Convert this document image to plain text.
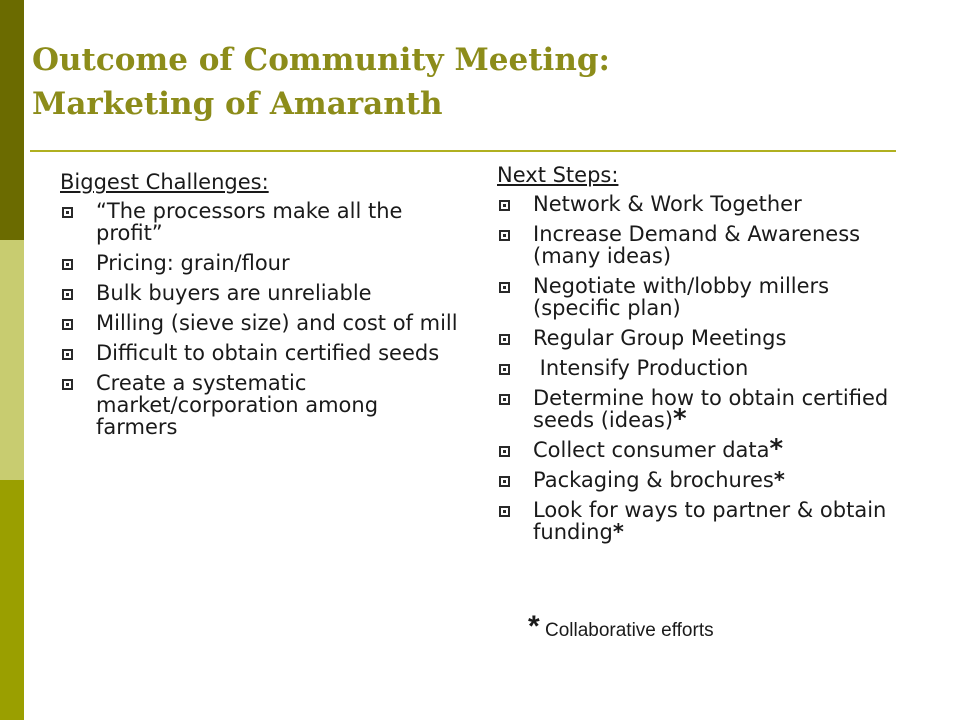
Outcome of Community Meeting:
Marketing of Amaranth
Biggest Challenges:
“The processors make all the profit”
Pricing: grain/flour
Bulk buyers are unreliable
Milling (sieve size) and cost of mill
Difficult to obtain certified seeds
Create a systematic market/corporation among farmers
Next Steps:
Network & Work Together
Increase Demand & Awareness (many ideas)
Negotiate with/lobby millers (specific plan)
Regular Group Meetings
Intensify Production
Determine how to obtain certified seeds (ideas)*
Collect consumer data*
Packaging & brochures*
Look for ways to partner & obtain funding*
* Collaborative efforts
